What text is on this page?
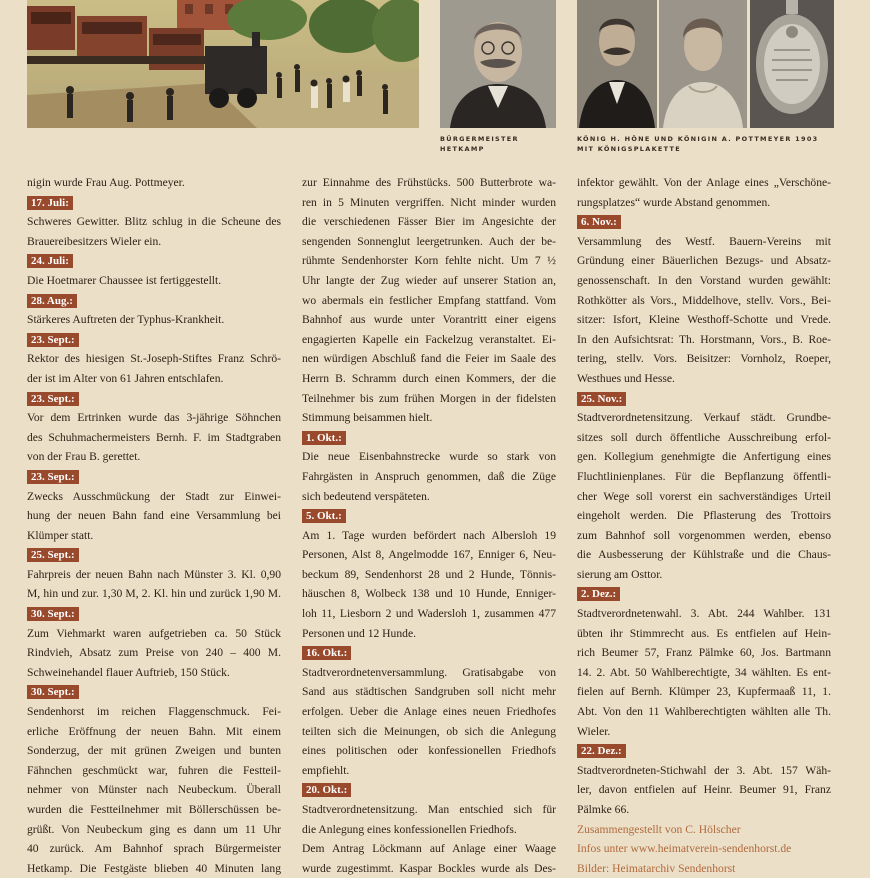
BÜRGERMEISTER
HETKAMP
KÖNIG H. HÖNE UND KÖNIGIN A. POTTMEYER 1903
MIT KÖNIGSPLAKETTE
nigin wurde Frau Aug. Pottmeyer.
17. Juli:
Schweres Gewitter. Blitz schlug in die Scheune des
Brauereibesitzers Wieler ein.
24. Juli:
Die Hoetmarer Chaussee ist fertiggestellt.
28. Aug.:
Stärkeres Auftreten der Typhus-Krankheit.
23. Sept.:
Rektor des hiesigen St.-Joseph-Stiftes Franz Schrö-
der ist im Alter von 61 Jahren entschlafen.
23. Sept.:
Vor dem Ertrinken wurde das 3-jährige Söhnchen
des Schuhmachermeisters Bernh. F. im Stadtgraben
von der Frau B. gerettet.
23. Sept.:
Zwecks Ausschmückung der Stadt zur Einwei-
hung der neuen Bahn fand eine Versammlung bei
Klümper statt.
25. Sept.:
Fahrpreis der neuen Bahn nach Münster 3. Kl. 0,90
M, hin und zur. 1,30 M, 2. Kl. hin und zurück 1,90 M.
30. Sept.:
Zum Viehmarkt waren aufgetrieben ca. 50 Stück
Rindvieh, Absatz zum Preise von 240 – 400 M.
Schweinehandel flauer Auftrieb, 150 Stück.
30. Sept.:
Sendenhorst im reichen Flaggenschmuck. Fei-
erliche Eröffnung der neuen Bahn. Mit einem
Sonderzug, der mit grünen Zweigen und bunten
Fähnchen geschmückt war, fuhren die Festteil-
nehmer von Münster nach Neubeckum. Überall
wurden die Festteilnehmer mit Böllerschüssen be-
grüßt. Von Neubeckum ging es dann um 11 Uhr
40 zurück. Am Bahnhof sprach Bürgermeister
Hetkamp. Die Festgäste blieben 40 Minuten lang
zur Einnahme des Frühstücks. 500 Butterbrote wa-
ren in 5 Minuten vergriffen. Nicht minder wurden
die verschiedenen Fässer Bier im Angesichte der
sengenden Sonnenglut leergetrunken. Auch der be-
rühmte Sendenhorster Korn fehlte nicht. Um 7 ½
Uhr langte der Zug wieder auf unserer Station an,
wo abermals ein festlicher Empfang stattfand. Vom
Bahnhof aus wurde unter Vorantritt einer eigens
engagierten Kapelle ein Fackelzug veranstaltet. Ei-
nen würdigen Abschluß fand die Feier im Saale des
Herrn B. Schramm durch einen Kommers, der die
Teilnehmer bis zum frühen Morgen in der fidelsten
Stimmung beisammen hielt.
1. Okt.:
Die neue Eisenbahnstrecke wurde so stark von
Fahrgästen in Anspruch genommen, daß die Züge
sich bedeutend verspäteten.
5. Okt.:
Am 1. Tage wurden befördert nach Albersloh 19
Personen, Alst 8, Angelmodde 167, Enniger 6, Neu-
beckum 89, Sendenhorst 28 und 2 Hunde, Tönnis-
häuschen 8, Wolbeck 138 und 10 Hunde, Enniger-
loh 11, Liesborn 2 und Wadersloh 1, zusammen 477
Personen und 12 Hunde.
16. Okt.:
Stadtverordnetenversammlung. Gratisabgabe von
Sand aus städtischen Sandgruben soll nicht mehr
erfolgen. Ueber die Anlage eines neuen Friedhofes
teilten sich die Meinungen, ob sich die Anlegung
eines politischen oder konfessionellen Friedhofs
empfiehlt.
20. Okt.:
Stadtverordnetensitzung. Man entschied sich für
die Anlegung eines konfessionellen Friedhofs.
Dem Antrag Löckmann auf Anlage einer Waage
wurde zugestimmt. Kaspar Bockles wurde als Des-
infektor gewählt. Von der Anlage eines „Verschöne-
rungsplatzes“ wurde Abstand genommen.
6. Nov.:
Versammlung des Westf. Bauern-Vereins mit
Gründung einer Bäuerlichen Bezugs- und Absatz-
genossenschaft. In den Vorstand wurden gewählt:
Rothkötter als Vors., Middelhove, stellv. Vors., Bei-
sitzer: Isfort, Kleine Westhoff-Schotte und Vrede.
In den Aufsichtsrat: Th. Horstmann, Vors., B. Roe-
tering, stellv. Vors. Beisitzer: Vornholz, Roeper,
Westhues und Hesse.
25. Nov.:
Stadtverordnetensitzung. Verkauf städt. Grundbe-
sitzes soll durch öffentliche Ausschreibung erfol-
gen. Kollegium genehmigte die Anfertigung eines
Fluchtlinienplanes. Für die Bepflanzung öffentli-
cher Wege soll vorerst ein sachverständiges Urteil
eingeholt werden. Die Pflasterung des Trottoirs
zum Bahnhof soll vorgenommen werden, ebenso
die Ausbesserung der Kühlstraße und die Chaus-
sierung am Osttor.
2. Dez.:
Stadtverordnetenwahl. 3. Abt. 244 Wahlber. 131
übten ihr Stimmrecht aus. Es entfielen auf Hein-
rich Beumer 57, Franz Pälmke 60, Jos. Bartmann
14. 2. Abt. 50 Wahlberechtigte, 34 wählten. Es ent-
fielen auf Bernh. Klümper 23, Kupfermaaß 11, 1.
Abt. Von den 11 Wahlberechtigten wählten alle Th.
Wieler.
22. Dez.:
Stadtverordneten-Stichwahl der 3. Abt. 157 Wäh-
ler, davon entfielen auf Heinr. Beumer 91, Franz
Pälmke 66.
Zusammengestellt von C. Hölscher
Infos unter www.heimatverein-sendenhorst.de
Bilder: Heimatarchiv Sendenhorst
